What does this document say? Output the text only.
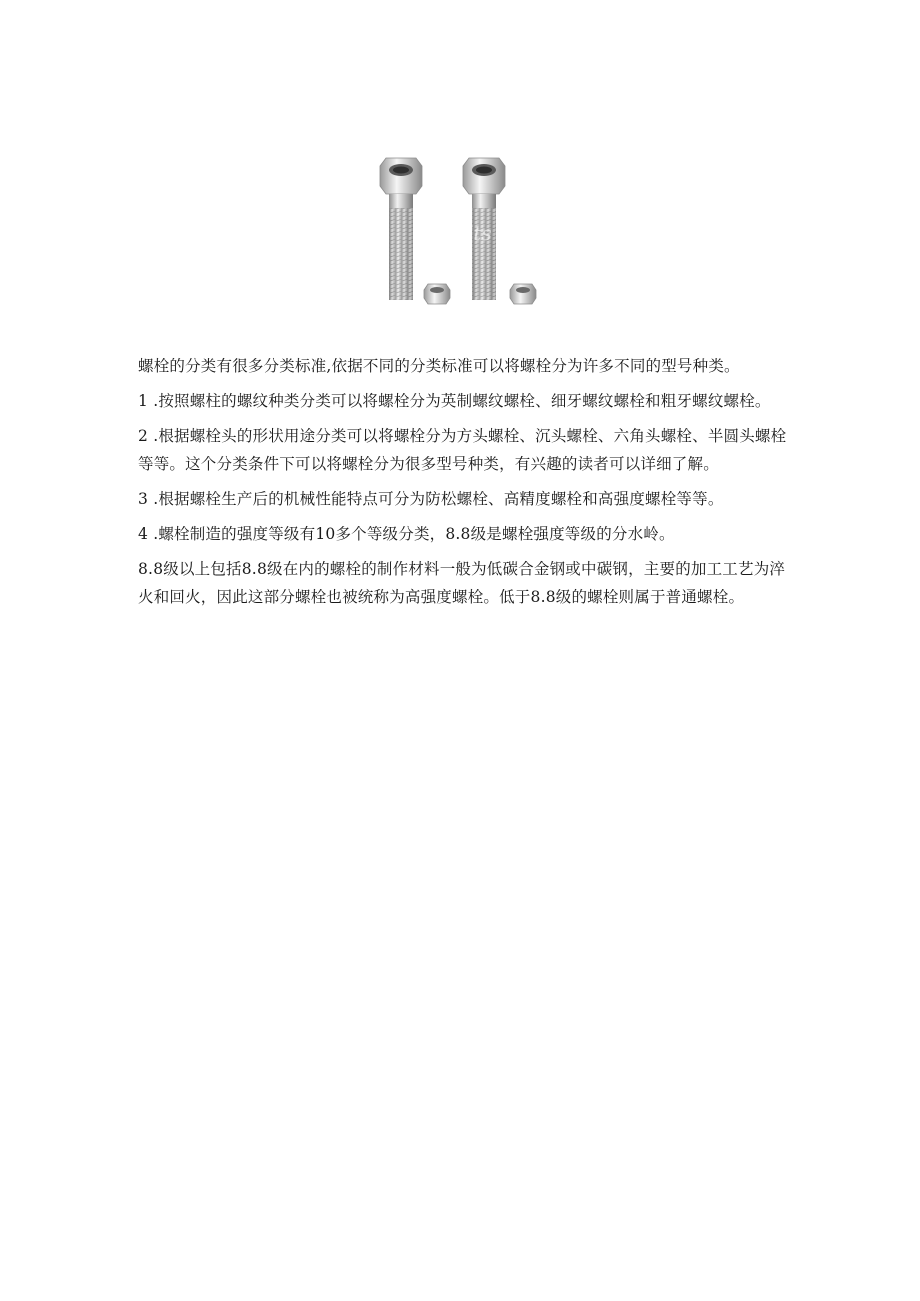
Bolts

螺栓的分类有很多分类标准,依据不同的分类标准可以将螺栓分为许多不同的型号种类。

1 .按照螺柱的螺纹种类分类可以将螺栓分为英制螺纹螺栓、细牙螺纹螺栓和粗牙螺纹螺栓。

2 .根据螺栓头的形状用途分类可以将螺栓分为方头螺栓、沉头螺栓、六角头螺栓、半圆头螺栓等等。这个分类条件下可以将螺栓分为很多型号种类，有兴趣的读者可以详细了解。

3 .根据螺栓生产后的机械性能特点可分为防松螺栓、高精度螺栓和高强度螺栓等等。

4 .螺栓制造的强度等级有10多个等级分类，8.8级是螺栓强度等级的分水岭。

8.8级以上包括8.8级在内的螺栓的制作材料一般为低碳合金钢或中碳钢，主要的加工工艺为淬火和回火，因此这部分螺栓也被统称为高强度螺栓。低于8.8级的螺栓则属于普通螺栓。
